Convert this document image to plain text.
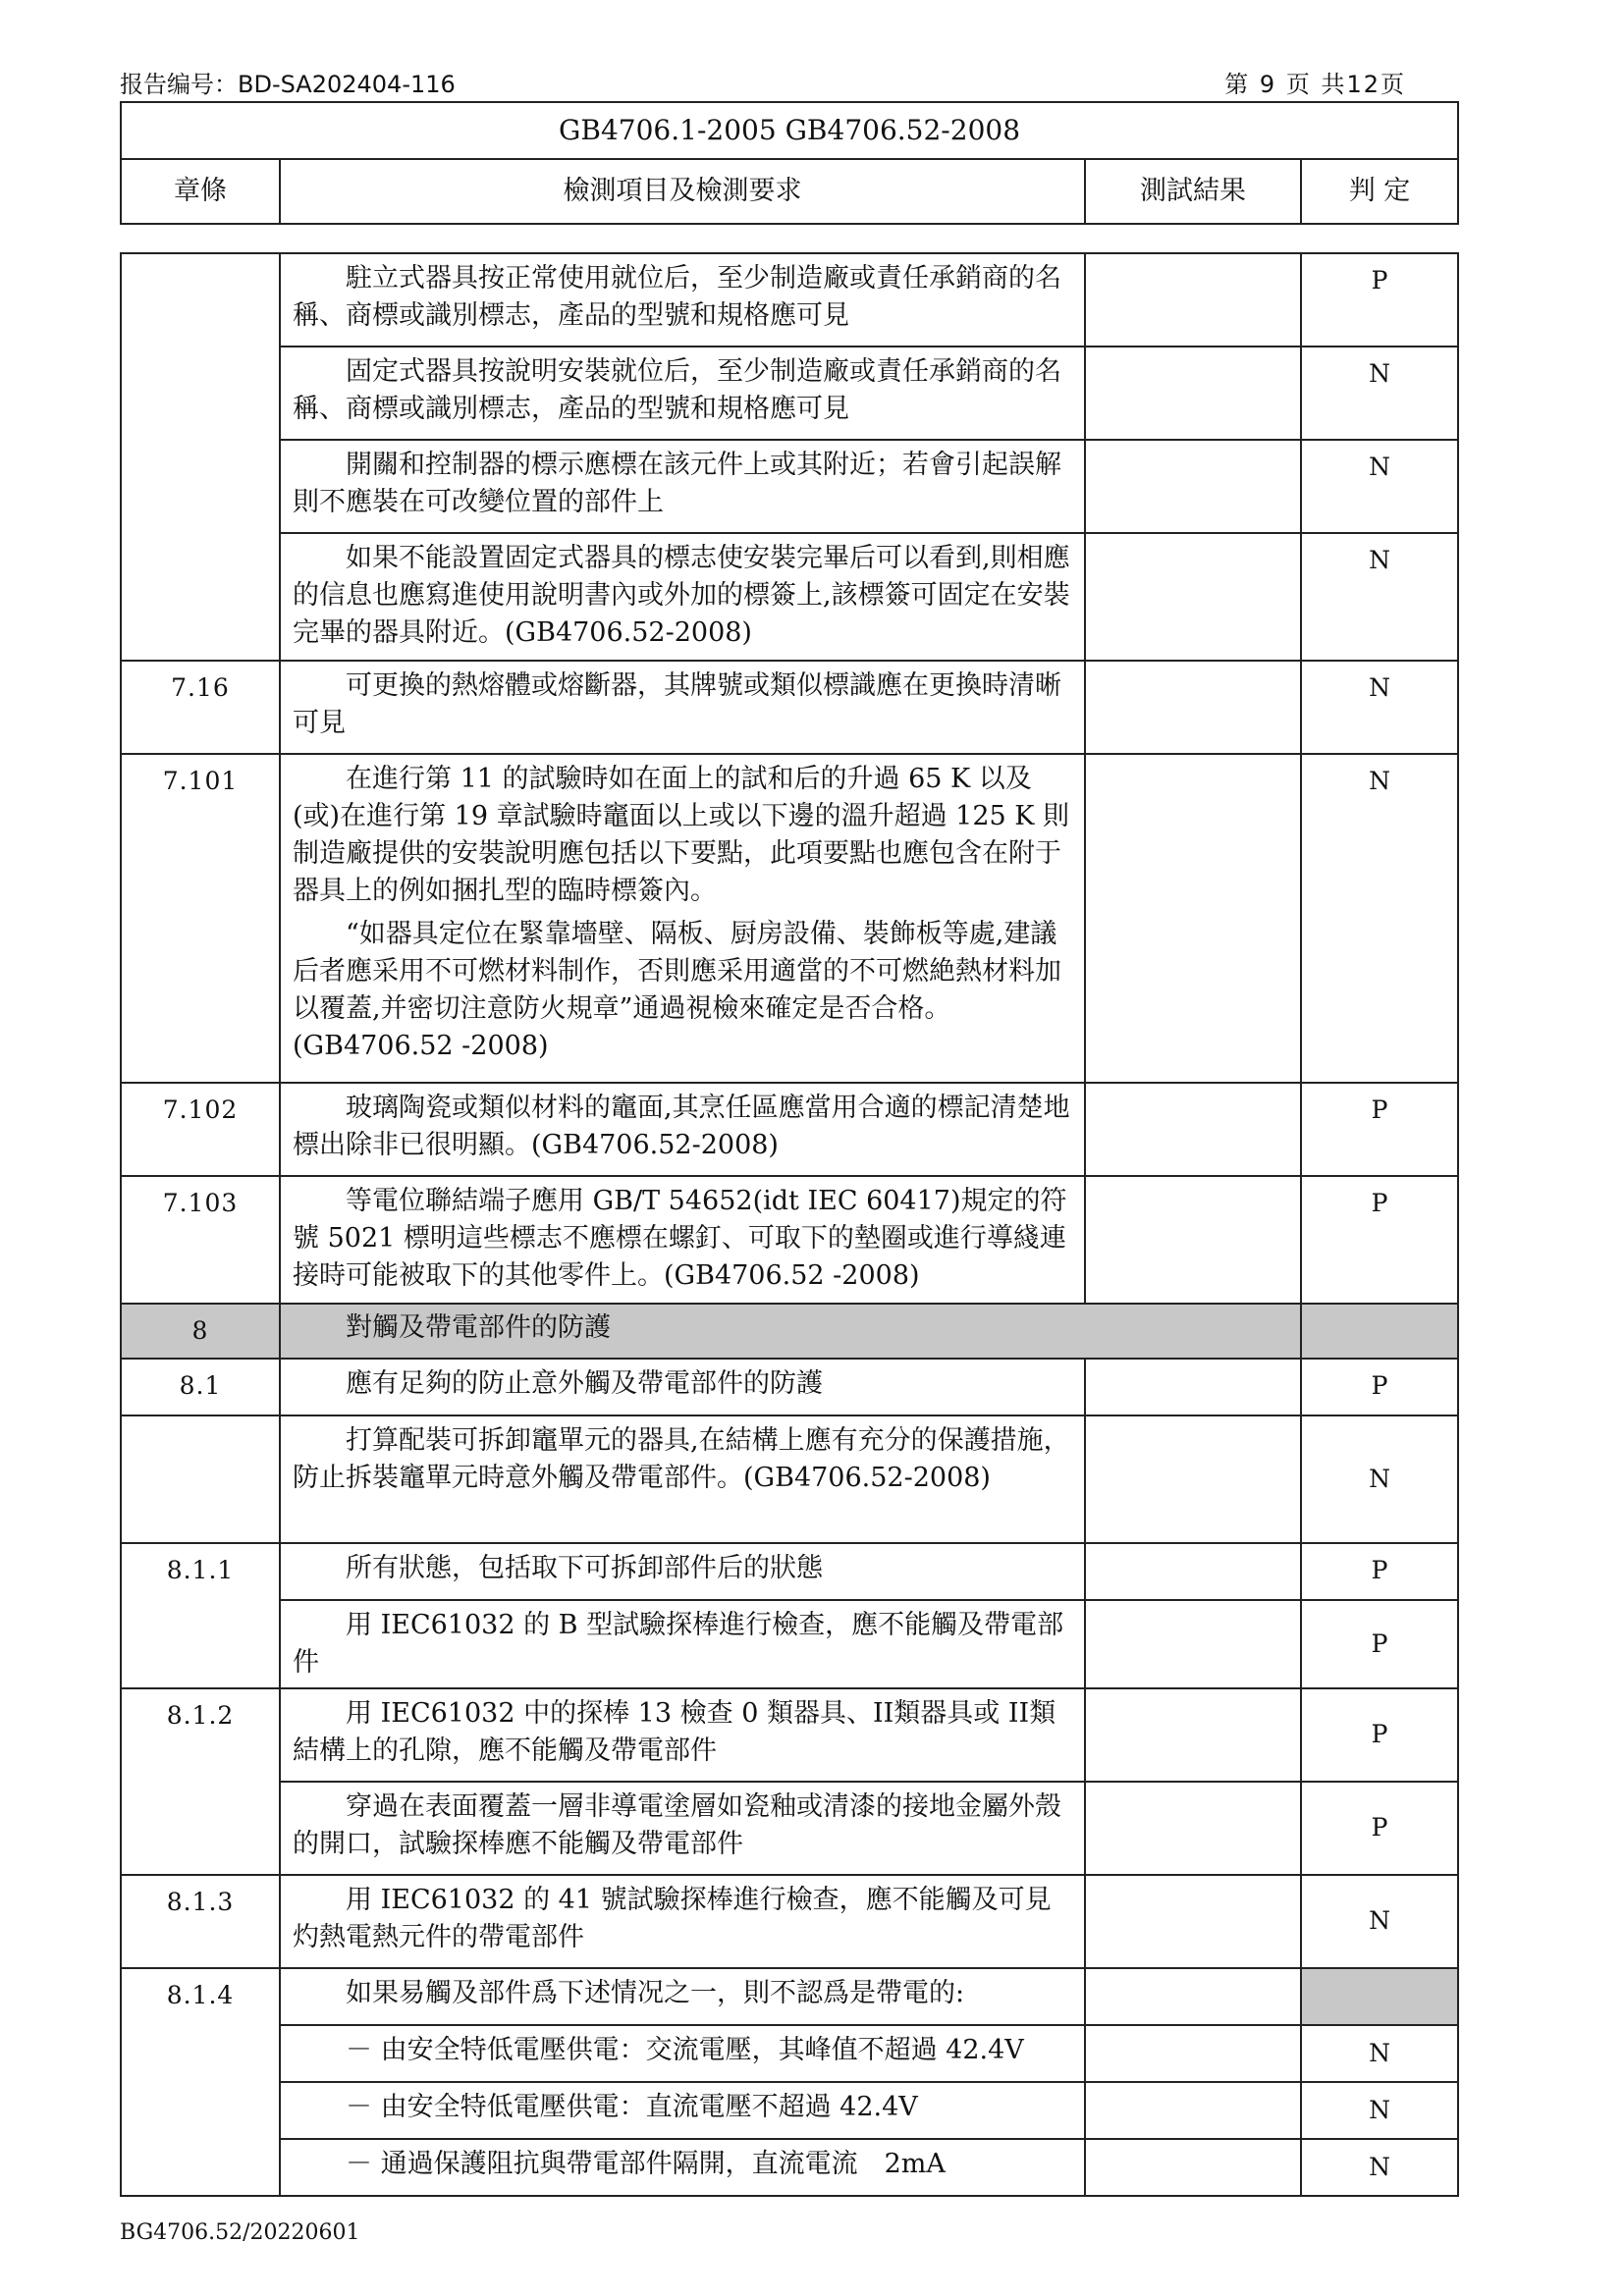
报告编号：BD-SA202404-116	第 9 页 共12页
GB4706.1-2005 GB4706.52-2008
章條	檢測項目及檢測要求	測試結果	判 定

	駐立式器具按正常使用就位后，至少制造廠或責任承銷商的名稱、商標或識別標志，產品的型號和規格應可見		P

	固定式器具按說明安裝就位后，至少制造廠或責任承銷商的名稱、商標或識別標志，產品的型號和規格應可見		N

	開關和控制器的標示應標在該元件上或其附近；若會引起誤解則不應裝在可改變位置的部件上		N

	如果不能設置固定式器具的標志使安裝完畢后可以看到,則相應的信息也應寫進使用說明書內或外加的標簽上,該標簽可固定在安裝完畢的器具附近。(GB4706.52-2008)		N
7.16	可更換的熱熔體或熔斷器，其牌號或類似標識應在更換時清晰可見		N
7.101	在進行第 11 的試驗時如在面上的試和后的升過 65 K 以及(或)在進行第 19 章試驗時竈面以上或以下邊的溫升超過 125 K 則制造廠提供的安裝說明應包括以下要點，此項要點也應包含在附于器具上的例如捆扎型的臨時標簽內。

“如器具定位在緊靠墻壁、隔板、厨房設備、裝飾板等處,建議后者應采用不可燃材料制作，否則應采用適當的不可燃絶熱材料加以覆蓋,并密切注意防火規章”通過視檢來確定是否合格。(GB4706.52 -2008)		N
7.102	玻璃陶瓷或類似材料的竈面,其烹任區應當用合適的標記清楚地標出除非已很明顯。(GB4706.52-2008)		P
7.103	等電位聯結端子應用 GB/T 54652(idt IEC 60417)規定的符號 5021 標明這些標志不應標在螺釘、可取下的墊圈或進行導綫連接時可能被取下的其他零件上。(GB4706.52 -2008)		P
8	對觸及帶電部件的防護		

8.1	應有足夠的防止意外觸及帶電部件的防護		P

	打算配裝可拆卸竈單元的器具,在結構上應有充分的保護措施，防止拆裝竈單元時意外觸及帶電部件。(GB4706.52-2008)		N
8.1.1	所有狀態，包括取下可拆卸部件后的狀態		P

	用 IEC61032 的 B 型試驗探棒進行檢查，應不能觸及帶電部件		P
8.1.2	用 IEC61032 中的探棒 13 檢查 0 類器具、II類器具或 II類結構上的孔隙，應不能觸及帶電部件		P

	穿過在表面覆蓋一層非導電塗層如瓷釉或清漆的接地金屬外殼的開口，試驗探棒應不能觸及帶電部件		P
8.1.3	用 IEC61032 的 41 號試驗探棒進行檢查，應不能觸及可見灼熱電熱元件的帶電部件		N
8.1.4	如果易觸及部件爲下述情况之一，則不認爲是帶電的:		

	－ 由安全特低電壓供電：交流電壓，其峰值不超過 42.4V		N

	－ 由安全特低電壓供電：直流電壓不超過 42.4V		N

	－ 通過保護阻抗與帶電部件隔開，直流電流　2mA		N
BG4706.52/20220601
